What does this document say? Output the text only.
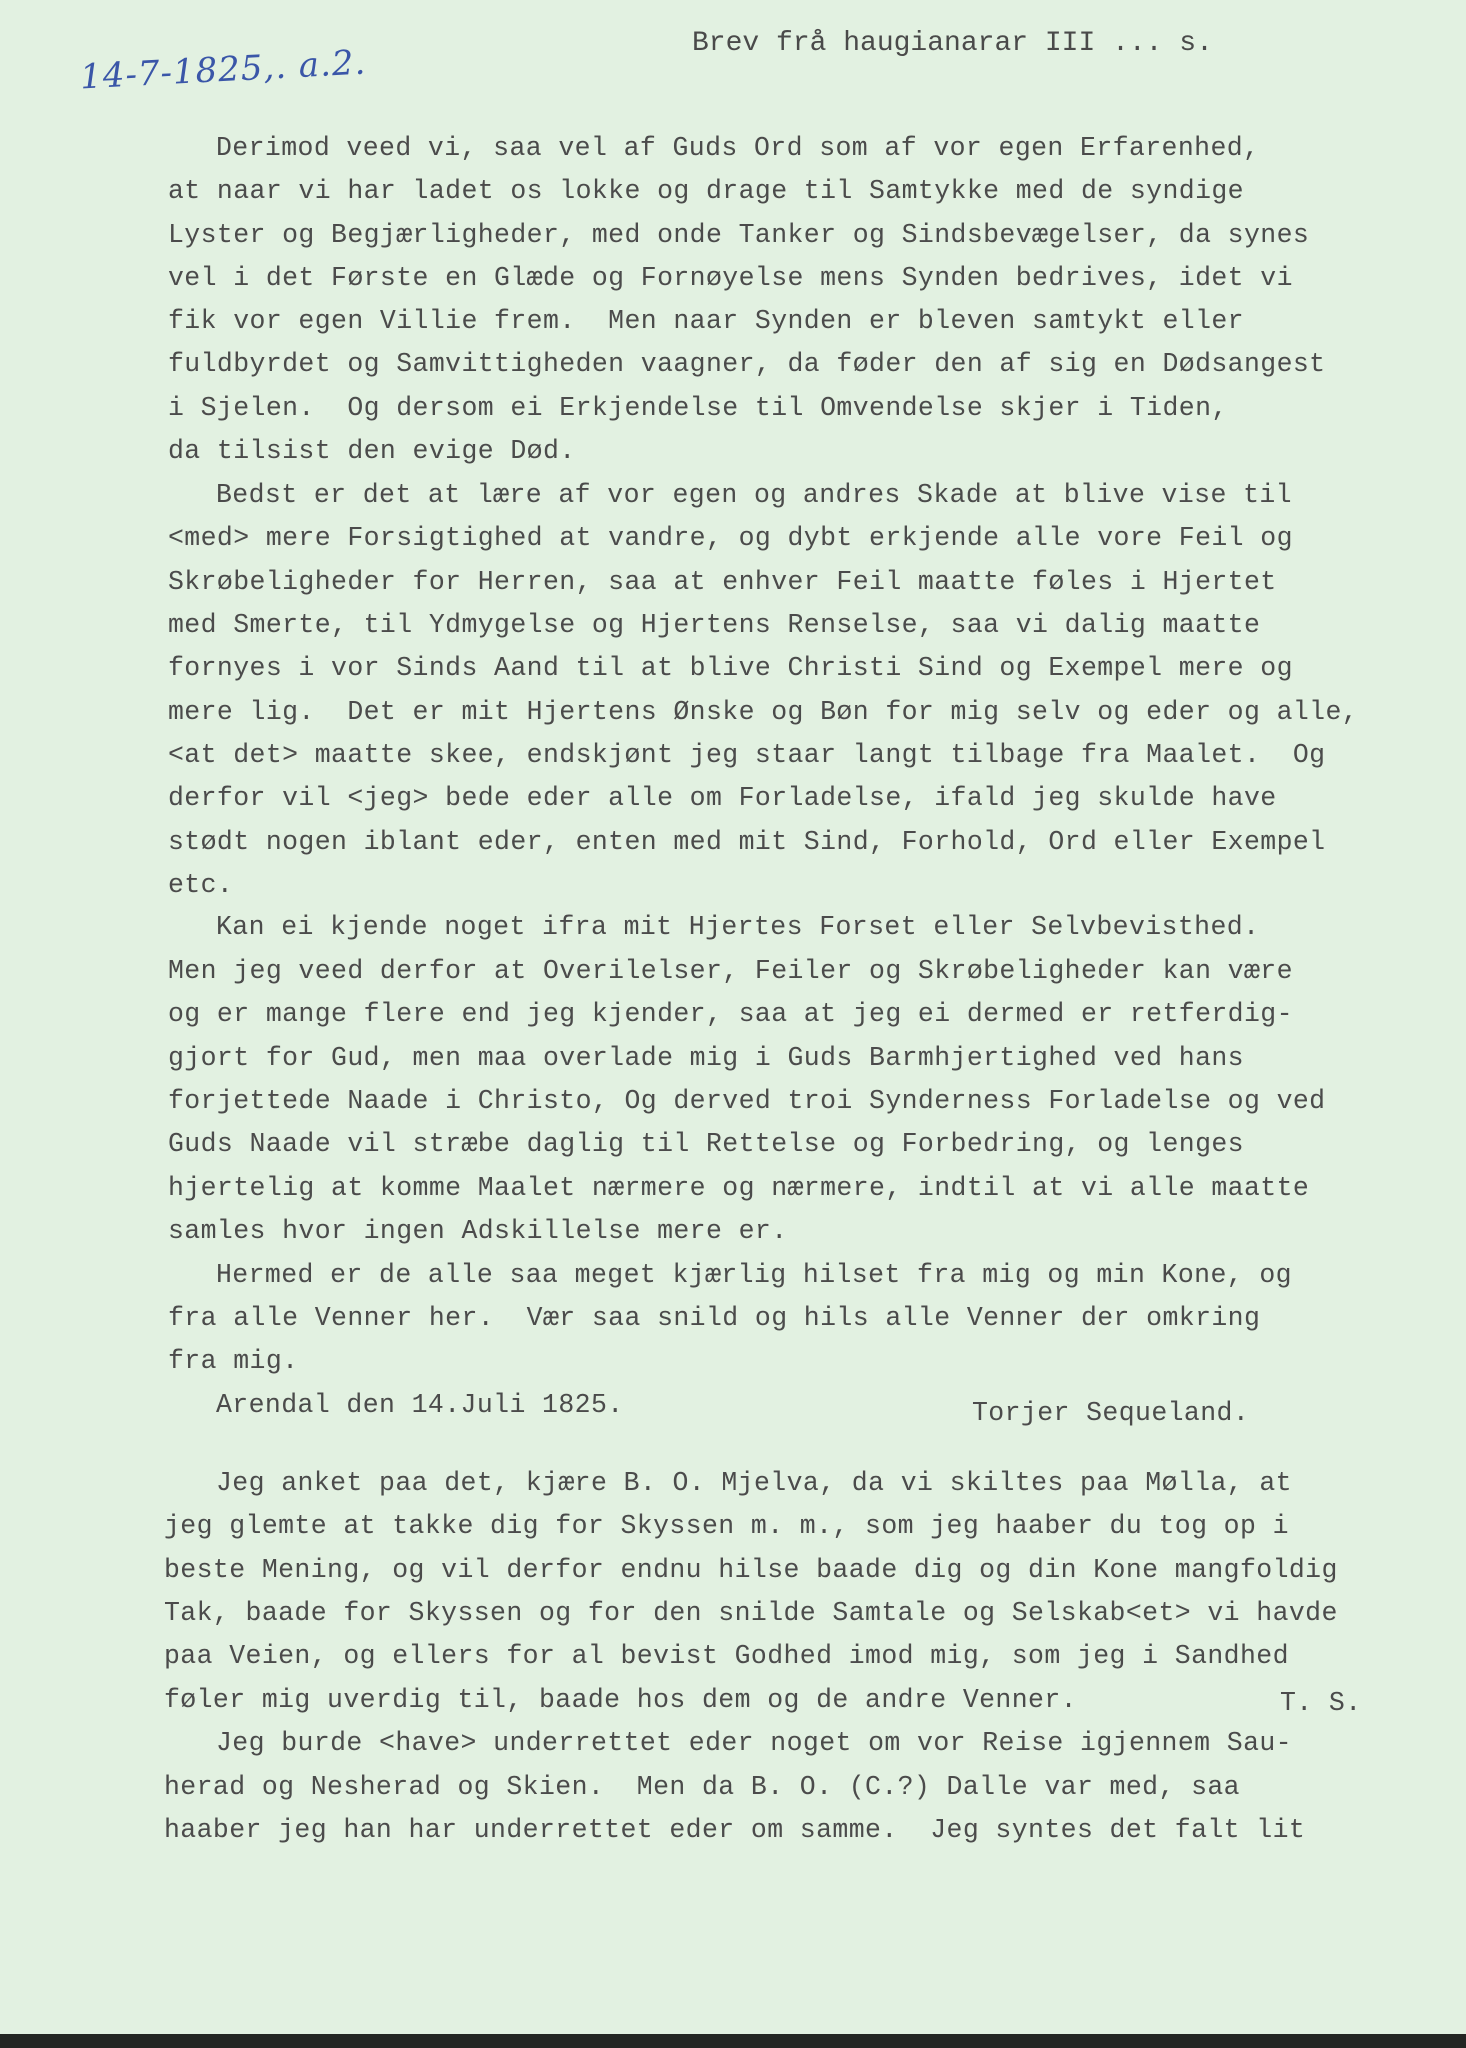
14-7-1825,. a.2.	Brev frå haugianarar III ... s.
Derimod veed vi, saa vel af Guds Ord som af vor egen Erfarenhed,
at naar vi har ladet os lokke og drage til Samtykke med de syndige
Lyster og Begjærligheder, med onde Tanker og Sindsbevægelser, da synes
vel i det Første en Glæde og Fornøyelse mens Synden bedrives, idet vi
fik vor egen Villie frem.  Men naar Synden er bleven samtykt eller
fuldbyrdet og Samvittigheden vaagner, da føder den af sig en Dødsangest
i Sjelen.  Og dersom ei Erkjendelse til Omvendelse skjer i Tiden,
da tilsist den evige Død.
Bedst er det at lære af vor egen og andres Skade at blive vise til
<med> mere Forsigtighed at vandre, og dybt erkjende alle vore Feil og
Skrøbeligheder for Herren, saa at enhver Feil maatte føles i Hjertet
med Smerte, til Ydmygelse og Hjertens Renselse, saa vi dalig maatte
fornyes i vor Sinds Aand til at blive Christi Sind og Exempel mere og
mere lig.  Det er mit Hjertens Ønske og Bøn for mig selv og eder og alle,
<at det> maatte skee, endskjønt jeg staar langt tilbage fra Maalet.  Og
derfor vil <jeg> bede eder alle om Forladelse, ifald jeg skulde have
stødt nogen iblant eder, enten med mit Sind, Forhold, Ord eller Exempel
etc.
Kan ei kjende noget ifra mit Hjertes Forset eller Selvbevisthed.
Men jeg veed derfor at Overilelser, Feiler og Skrøbeligheder kan være
og er mange flere end jeg kjender, saa at jeg ei dermed er retferdig-
gjort for Gud, men maa overlade mig i Guds Barmhjertighed ved hans
forjettede Naade i Christo, Og derved troi Synderness Forladelse og ved
Guds Naade vil stræbe daglig til Rettelse og Forbedring, og lenges
hjertelig at komme Maalet nærmere og nærmere, indtil at vi alle maatte
samles hvor ingen Adskillelse mere er.
Hermed er de alle saa meget kjærlig hilset fra mig og min Kone, og
fra alle Venner her.  Vær saa snild og hils alle Venner der omkring
fra mig.
Arendal den 14.Juli 1825.	Torjer Sequeland.
Jeg anket paa det, kjære B. O. Mjelva, da vi skiltes paa Mølla, at
jeg glemte at takke dig for Skyssen m. m., som jeg haaber du tog op i
beste Mening, og vil derfor endnu hilse baade dig og din Kone mangfoldig
Tak, baade for Skyssen og for den snilde Samtale og Selskab<et> vi havde
paa Veien, og ellers for al bevist Godhed imod mig, som jeg i Sandhed
føler mig uverdig til, baade hos dem og de andre Venner.	T. S.
Jeg burde <have> underrettet eder noget om vor Reise igjennem Sau-
herad og Nesherad og Skien.  Men da B. O. (C.?) Dalle var med, saa
haaber jeg han har underrettet eder om samme.  Jeg syntes det falt lit
